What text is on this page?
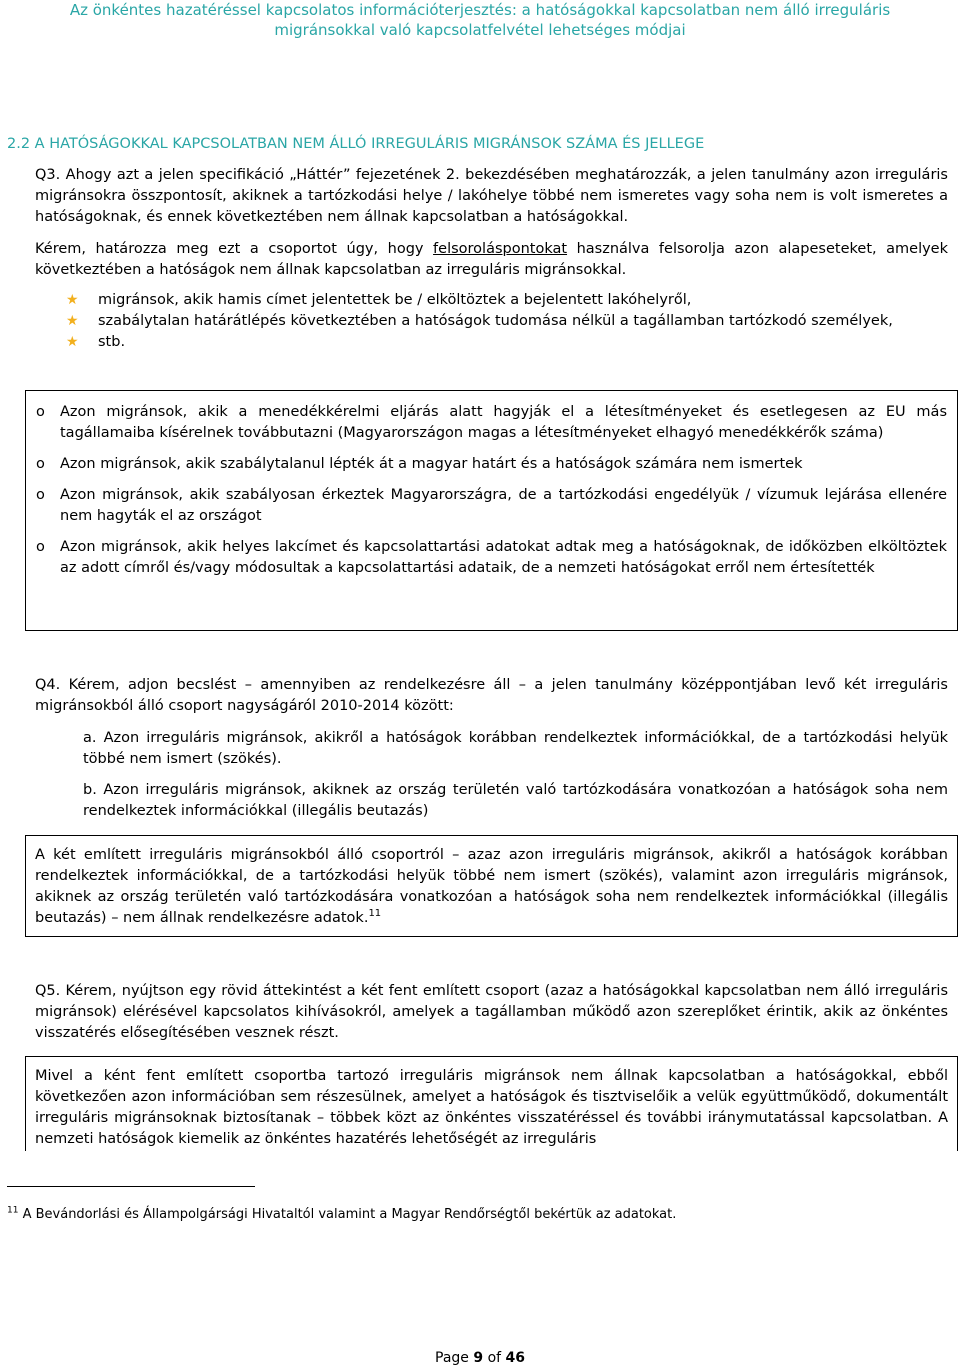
Az önkéntes hazatéréssel kapcsolatos információterjesztés: a hatóságokkal kapcsolatban nem álló irreguláris
migránsokkal való kapcsolatfelvétel lehetséges módjai
2.2 A HATÓSÁGOKKAL KAPCSOLATBAN NEM ÁLLÓ IRREGULÁRIS MIGRÁNSOK SZÁMA ÉS JELLEGE
Q3. Ahogy azt a jelen specifikáció „Háttér” fejezetének 2. bekezdésében meghatározzák, a jelen tanulmány azon irreguláris migránsokra összpontosít, akiknek a tartózkodási helye / lakóhelye többé nem ismeretes vagy soha nem is volt ismeretes a hatóságoknak, és ennek következtében nem állnak kapcsolatban a hatóságokkal.
Kérem, határozza meg ezt a csoportot úgy, hogy felsoroláspontokat használva felsorolja azon alapeseteket, amelyek következtében a hatóságok nem állnak kapcsolatban az irreguláris migránsokkal.
★	migránsok, akik hamis címet jelentettek be / elköltöztek a bejelentett lakóhelyről,
★	szabálytalan határátlépés következtében a hatóságok tudomása nélkül a tagállamban tartózkodó személyek,
★	stb.
o	Azon migránsok, akik a menedékkérelmi eljárás alatt hagyják el a létesítményeket és esetlegesen az EU más tagállamaiba kísérelnek továbbutazni (Magyarországon magas a létesítményeket elhagyó menedékkérők száma)
o	Azon migránsok, akik szabálytalanul lépték át a magyar határt és a hatóságok számára nem ismertek
o	Azon migránsok, akik szabályosan érkeztek Magyarországra, de a tartózkodási engedélyük / vízumuk lejárása ellenére nem hagyták el az országot
o	Azon migránsok, akik helyes lakcímet és kapcsolattartási adatokat adtak meg a hatóságoknak, de időközben elköltöztek az adott címről és/vagy módosultak a kapcsolattartási adataik, de a nemzeti hatóságokat erről nem értesítették
Q4. Kérem, adjon becslést – amennyiben az rendelkezésre áll – a jelen tanulmány középpontjában levő két irreguláris migránsokból álló csoport nagyságáról 2010-2014 között:
a. Azon irreguláris migránsok, akikről a hatóságok korábban rendelkeztek információkkal, de a tartózkodási helyük többé nem ismert (szökés).
b. Azon irreguláris migránsok, akiknek az ország területén való tartózkodására vonatkozóan a hatóságok soha nem rendelkeztek információkkal (illegális beutazás)
A két említett irreguláris migránsokból álló csoportról – azaz azon irreguláris migránsok, akikről a hatóságok korábban rendelkeztek információkkal, de a tartózkodási helyük többé nem ismert (szökés), valamint azon irreguláris migránsok, akiknek az ország területén való tartózkodására vonatkozóan a hatóságok soha nem rendelkeztek információkkal (illegális beutazás) – nem állnak rendelkezésre adatok.$^{11}$
Q5. Kérem, nyújtson egy rövid áttekintést a két fent említett csoport (azaz a hatóságokkal kapcsolatban nem álló irreguláris migránsok) elérésével kapcsolatos kihívásokról, amelyek a tagállamban működő azon szereplőket érintik, akik az önkéntes visszatérés elősegítésében vesznek részt.
Mivel a ként fent említett csoportba tartozó irreguláris migránsok nem állnak kapcsolatban a hatóságokkal, ebből következően azon információban sem részesülnek, amelyet a hatóságok és tisztviselőik a velük együttműködő, dokumentált irreguláris migránsoknak biztosítanak – többek közt az önkéntes visszatéréssel és további iránymutatással kapcsolatban. A nemzeti hatóságok kiemelik az önkéntes hazatérés lehetőségét az irreguláris
$^{11}$ A Bevándorlási és Állampolgársági Hivataltól valamint a Magyar Rendőrségtől bekértük az adatokat.
Page 9 of 46
